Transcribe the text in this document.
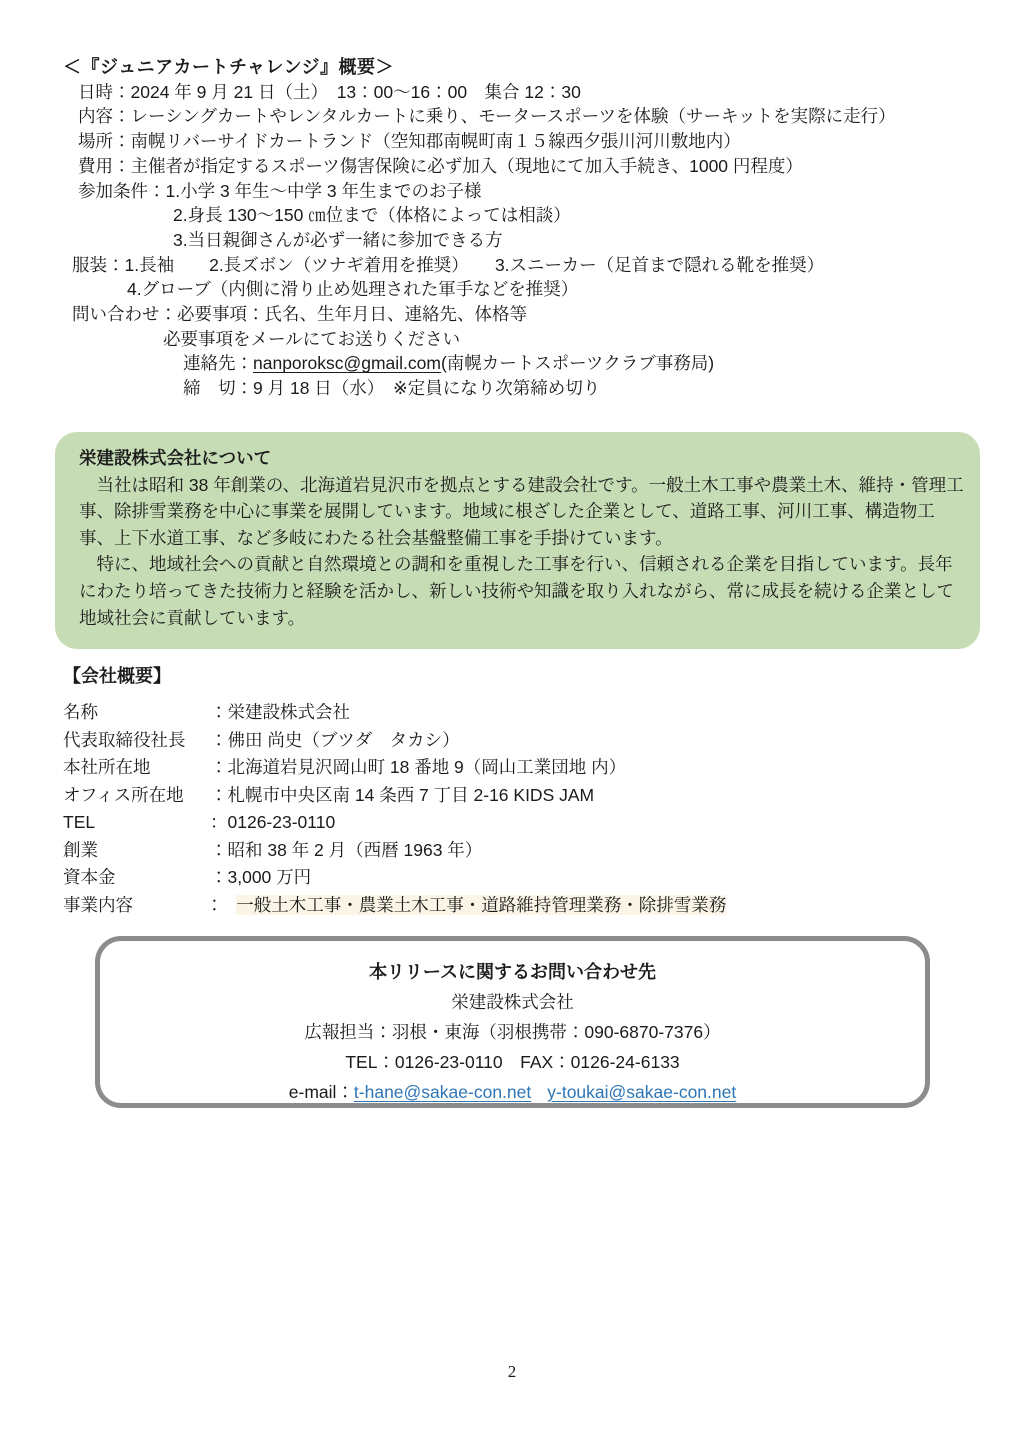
＜『ジュニアカートチャレンジ』概要＞
日時：2024 年 9 月 21 日（土）　13：00～16：00　集合 12：30
内容：レーシングカートやレンタルカートに乗り、モータースポーツを体験（サーキットを実際に走行）
場所：南幌リバーサイドカートランド（空知郡南幌町南１５線西夕張川河川敷地内）
費用：主催者が指定するスポーツ傷害保険に必ず加入（現地にて加入手続き、1000 円程度）
参加条件：1.小学 3 年生～中学 3 年生までのお子様
2.身長 130～150 ㎝位まで（体格によっては相談）
3.当日親御さんが必ず一緒に参加できる方
服装：1.長袖　　2.長ズボン（ツナギ着用を推奨）　　3.スニーカー（足首まで隠れる靴を推奨）
4.グローブ（内側に滑り止め処理された軍手などを推奨）
問い合わせ：必要事項：氏名、生年月日、連絡先、体格等
必要事項をメールにてお送りください
連絡先：nanporoksc@gmail.com(南幌カートスポーツクラブ事務局)
締　切：9 月 18 日（水）　※定員になり次第締め切り
栄建設株式会社について

当社は昭和 38 年創業の、北海道岩見沢市を拠点とする建設会社です。一般土木工事や農業土木、維持・管理工事、除排雪業務を中心に事業を展開しています。地域に根ざした企業として、道路工事、河川工事、構造物工事、上下水道工事、など多岐にわたる社会基盤整備工事を手掛けています。

特に、地域社会への貢献と自然環境との調和を重視した工事を行い、信頼される企業を目指しています。長年にわたり培ってきた技術力と経験を活かし、新しい技術や知識を取り入れながら、常に成長を続ける企業として地域社会に貢献しています。

【会社概要】
名称	：栄建設株式会社
代表取締役社長	：佛田 尚史（ブツダ　タカシ）
本社所在地	：北海道岩見沢岡山町 18 番地 9（岡山工業団地 内）
オフィス所在地	：札幌市中央区南 14 条西 7 丁目 2-16 KIDS JAM
TEL	：0126-23-0110
創業	：昭和 38 年 2 月（西暦 1963 年）
資本金	：3,000 万円
事業内容	：　一般土木工事・農業土木工事・道路維持管理業務・除排雪業務
本リリースに関するお問い合わせ先
栄建設株式会社
広報担当：羽根・東海（羽根携帯：090-6870-7376）
TEL：0126-23-0110　FAX：0126-24-6133
e-mail：t-hane@sakae-con.net y-toukai@sakae-con.net
2
